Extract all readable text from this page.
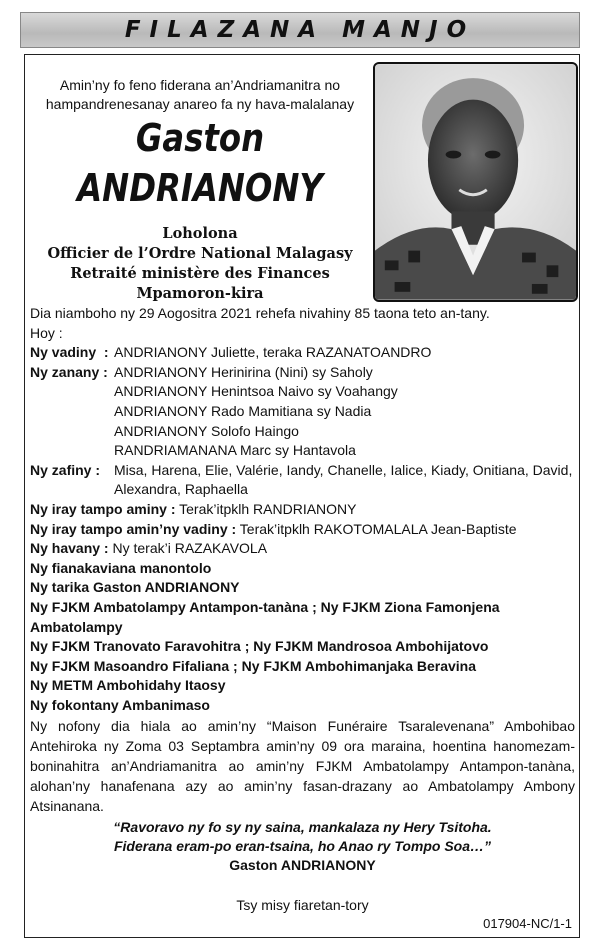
FILAZANA MANJO
Amin’ny fo feno fiderana an’Andriamanitra no
hampandrenesanay anareo fa ny hava-malalanay
Gaston
ANDRIANONY
Loholona
Officier de l’Ordre National Malagasy
Retraité ministère des Finances
Mpamoron-kira
Dia niamboho ny 29 Aogositra 2021 rehefa nivahiny 85 taona teto an-tany.
Hoy :
Ny vadiny  : ANDRIANONY Juliette, teraka RAZANATOANDRO
Ny zanany : ANDRIANONY Herinirina (Nini) sy Saholy
ANDRIANONY Henintsoa Naivo sy Voahangy
ANDRIANONY Rado Mamitiana sy Nadia
ANDRIANONY Solofo Haingo
RANDRIAMANANA Marc sy Hantavola
Ny zafiny : Misa, Harena, Elie, Valérie, Iandy, Chanelle, Ialice, Kiady, Onitiana, David,
Alexandra, Raphaella
Ny iray tampo aminy : Terak’itpklh RANDRIANONY
Ny iray tampo amin’ny vadiny : Terak’itpklh RAKOTOMALALA Jean-Baptiste
Ny havany : Ny terak’i RAZAKAVOLA
Ny fianakaviana manontolo
Ny tarika Gaston ANDRIANONY
Ny FJKM Ambatolampy Antampon-tanàna ; Ny FJKM Ziona Famonjena Ambatolampy
Ny FJKM Tranovato Faravohitra ; Ny FJKM Mandrosoa Ambohijatovo
Ny FJKM Masoandro Fifaliana ; Ny FJKM Ambohimanjaka Beravina
Ny METM Ambohidahy Itaosy
Ny fokontany Ambanimaso
Ny nofony dia hiala ao amin’ny “Maison Funéraire Tsaralevenana” Ambohibao Antehiroka ny Zoma 03 Septambra amin’ny 09 ora maraina, hoentina hanomezam-boninahitra an’Andriamanitra ao amin’ny FJKM Ambatolampy Antampon-tanàna, alohan’ny hanafenana azy ao amin’ny fasan-drazany ao Ambatolampy Ambony Atsinanana.
“Ravoravo ny fo sy ny saina, mankalaza ny Hery Tsitoha.
Fiderana eram-po eran-tsaina, ho Anao ry Tompo Soa…”
Gaston ANDRIANONY
Tsy misy fiaretan-tory
017904-NC/1-1
